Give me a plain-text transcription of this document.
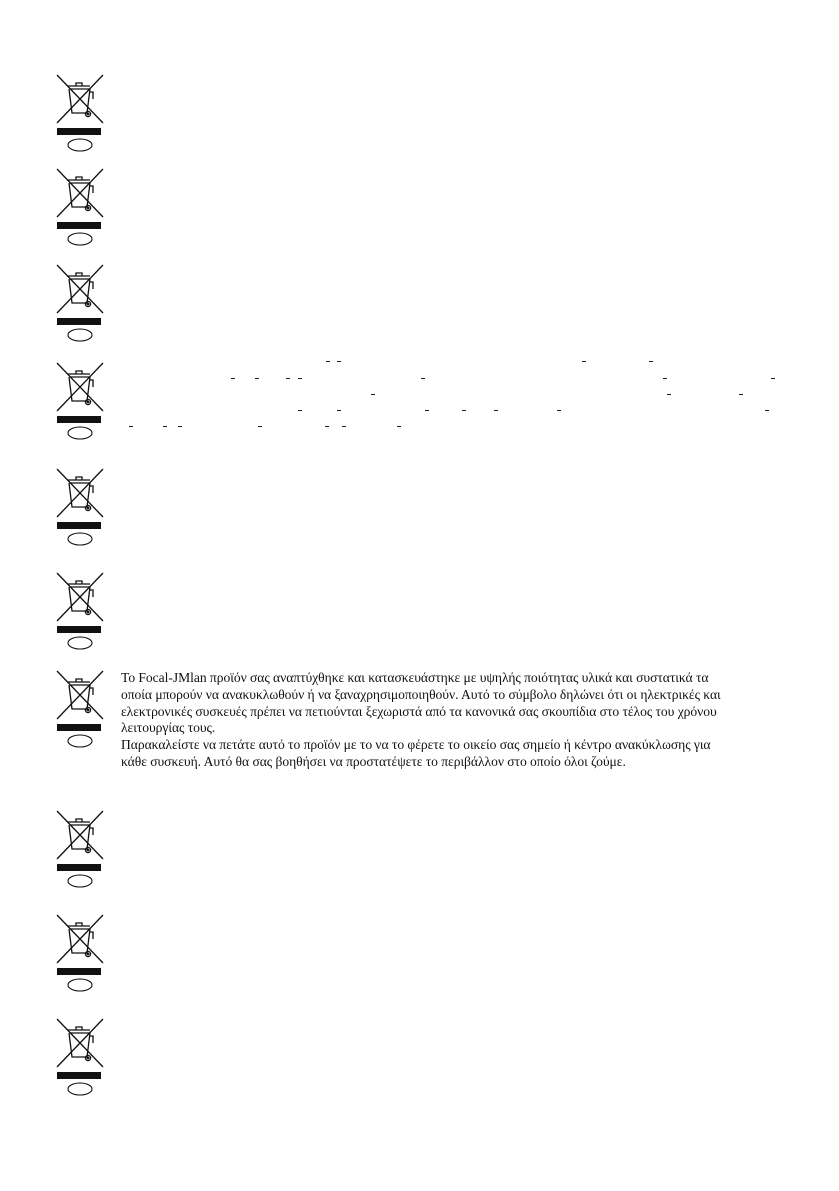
Το Focal-JMlan προϊόν σας αναπτύχθηκε και κατασκευάστηκε με υψηλής ποιότητας υλικά και συστατικά τα οποία μπορούν να ανακυκλωθούν ή να ξαναχρησιμοποιηθούν. Αυτό το σύμβολο δηλώνει ότι οι ηλεκτρικές και ελεκτρονικές συσκευές πρέπει να πετιούνται ξεχωριστά από τα κανονικά σας σκουπίδια στο τέλος του χρόνου λειτουργίας τους.

Παρακαλείστε να πετάτε αυτό το προϊόν με το να το φέρετε το οικείο σας σημείο ή κέντρο ανακύκλωσης για κάθε συσκευή. Αυτό θα σας βοηθήσει να προστατέψετε το περιβάλλον στο οποίο όλοι ζούμε.
